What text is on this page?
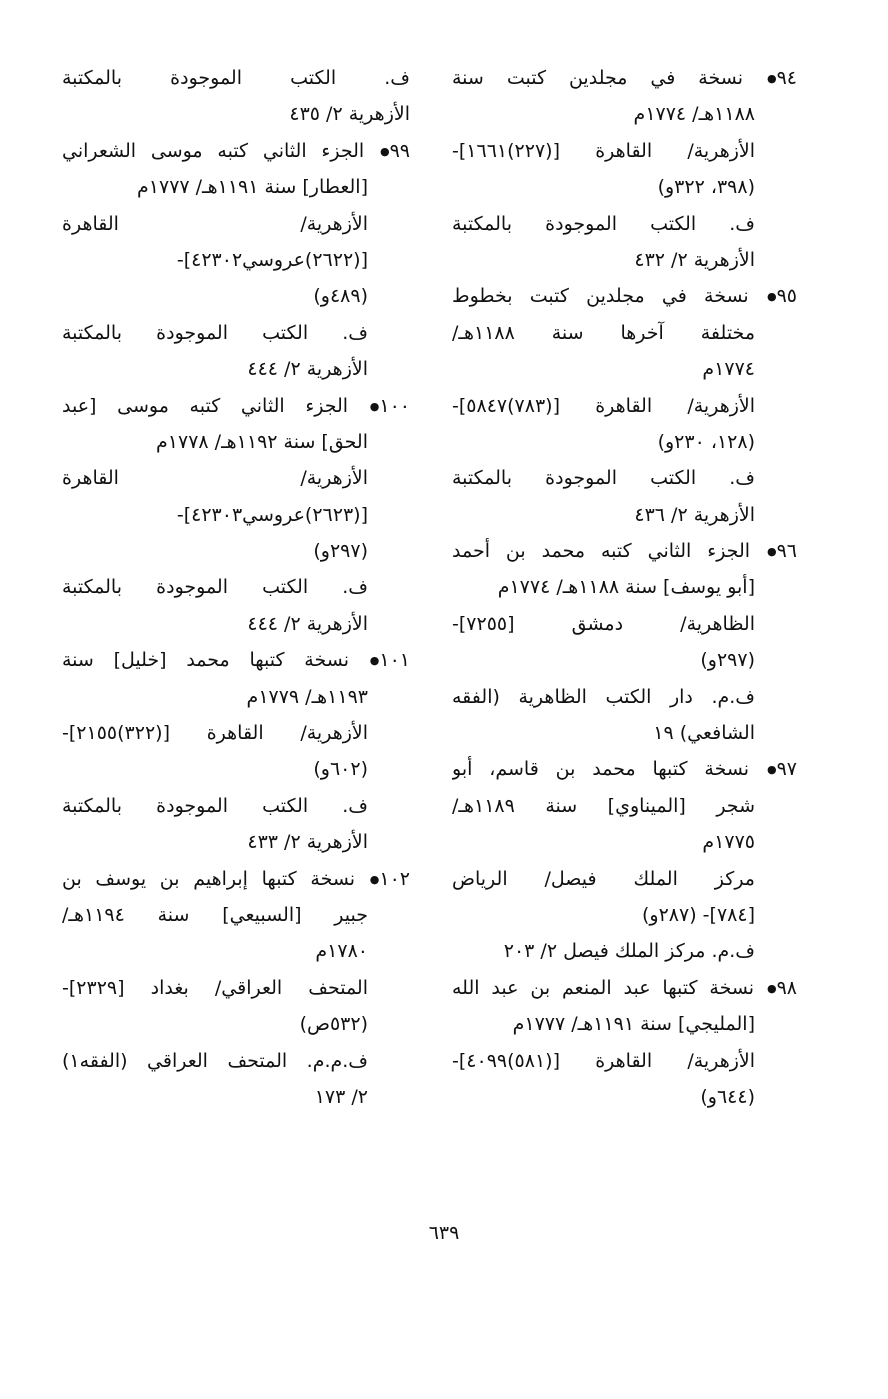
٩٤● نسخة في مجلدين كتبت سنة
١١٨٨هـ/ ١٧٧٤م
الأزهرية/ القاهرة [(٢٢٧)١٦٦١]-
(٣٩٨، ٣٢٢و)
ف. الكتب الموجودة بالمكتبة
الأزهرية ٢/ ٤٣٢
٩٥● نسخة في مجلدين كتبت بخطوط
مختلفة آخرها سنة ١١٨٨هـ/
١٧٧٤م
الأزهرية/ القاهرة [(٧٨٣)٥٨٤٧]-
(١٢٨، ٢٣٠و)
ف. الكتب الموجودة بالمكتبة
الأزهرية ٢/ ٤٣٦
٩٦● الجزء الثاني كتبه محمد بن أحمد
[أبو يوسف] سنة ١١٨٨هـ/ ١٧٧٤م
الظاهرية/ دمشق [٧٢٥٥]-
(٢٩٧و)
ف.م. دار الكتب الظاهرية (الفقه
الشافعي) ١٩
٩٧● نسخة كتبها محمد بن قاسم، أبو
شجر [الميناوي] سنة ١١٨٩هـ/
١٧٧٥م
مركز الملك فيصل/ الرياض
[٧٨٤]- (٢٨٧و)
ف.م. مركز الملك فيصل ٢/ ٢٠٣
٩٨● نسخة كتبها عبد المنعم بن عبد الله
[المليجي] سنة ١١٩١هـ/ ١٧٧٧م
الأزهرية/ القاهرة [(٥٨١)٤٠٩٩]-
(٦٤٤و)
ف. الكتب الموجودة بالمكتبة
الأزهرية ٢/ ٤٣٥
٩٩● الجزء الثاني كتبه موسى الشعراني
[العطار] سنة ١١٩١هـ/ ١٧٧٧م
الأزهرية/ القاهرة
[(٢٦٢٢)عروسي٤٢٣٠٢]-
(٤٨٩و)
ف. الكتب الموجودة بالمكتبة
الأزهرية ٢/ ٤٤٤
١٠٠● الجزء الثاني كتبه موسى [عبد
الحق] سنة ١١٩٢هـ/ ١٧٧٨م
الأزهرية/ القاهرة
[(٢٦٢٣)عروسي٤٢٣٠٣]-
(٢٩٧و)
ف. الكتب الموجودة بالمكتبة
الأزهرية ٢/ ٤٤٤
١٠١● نسخة كتبها محمد [خليل] سنة
١١٩٣هـ/ ١٧٧٩م
الأزهرية/ القاهرة [(٣٢٢)٢١٥٥]-
(٦٠٢و)
ف. الكتب الموجودة بالمكتبة
الأزهرية ٢/ ٤٣٣
١٠٢● نسخة كتبها إبراهيم بن يوسف بن
جبير [السبيعي] سنة ١١٩٤هـ/
١٧٨٠م
المتحف العراقي/ بغداد [٢٣٢٩]-
(٥٣٢ص)
ف.م.م. المتحف العراقي (الفقه١)
٢/ ١٧٣
٦٣٩
